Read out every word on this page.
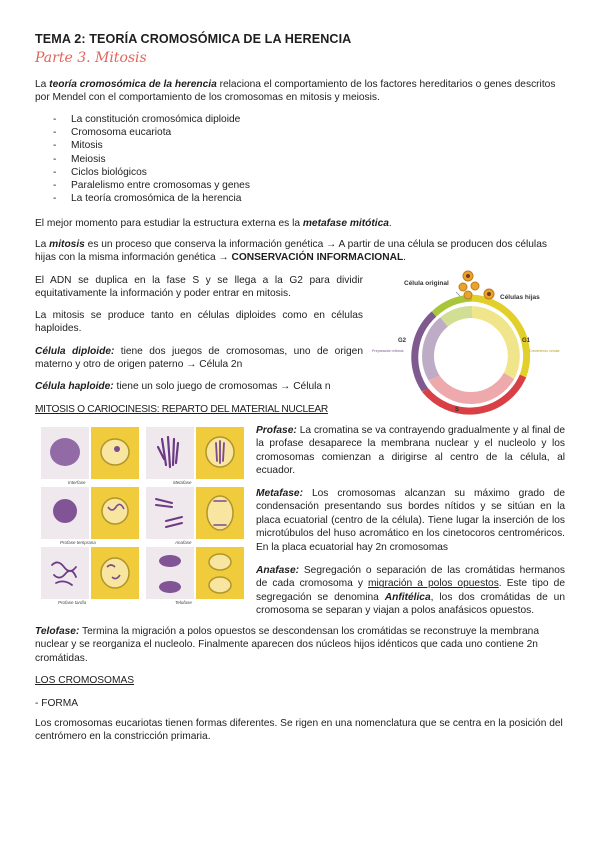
TEMA 2: TEORÍA CROMOSÓMICA DE LA HERENCIA
Parte 3. Mitosis

La teoría cromosómica de la herencia relaciona el comportamiento de los factores hereditarios o genes descritos por Mendel con el comportamiento de los cromosomas en mitosis y meiosis.

- La constitución cromosómica diploide
- Cromosoma eucariota
- Mitosis
- Meiosis
- Ciclos biológicos
- Paralelismo entre cromosomas y genes
- La teoría cromosómica de la herencia

El mejor momento para estudiar la estructura externa es la metafase mitótica.

La mitosis es un proceso que conserva la información genética → A partir de una célula se producen dos células hijas con la misma información genética → CONSERVACIÓN INFORMACIONAL.

El ADN se duplica en la fase S y se llega a la G2 para dividir equitativamente la información y poder entrar en mitosis.

La mitosis se produce tanto en células diploides como en células haploides.

Célula diploide: tiene dos juegos de cromosomas, uno de origen materno y otro de origen paterno → Célula 2n

Célula haploide: tiene un solo juego de cromosomas → Célula n

MITOSIS O CARIOCINESIS: REPARTO DEL MATERIAL NUCLEAR
Célula original
Células hijas
G2	G1
S
Preparación mitosis	Crecimiento celular
Síntesis de ADN
Interfase	Metafase
Profase temprana	Anafase
Profase tardía	Telofase

Profase: La cromatina se va contrayendo gradualmente y al final de la profase desaparece la membrana nuclear y el nucleolo y los cromosomas comienzan a dirigirse al centro de la célula, al ecuador.

Metafase: Los cromosomas alcanzan su máximo grado de condensación presentando sus bordes nítidos y se sitúan en la placa ecuatorial (centro de la célula). Tiene lugar la inserción de los microtúbulos del huso acromático en los cinetocoros centroméricos. En la placa ecuatorial hay 2n cromosomas

Anafase: Segregación o separación de las cromátidas hermanos de cada cromosoma y migración a polos opuestos. Este tipo de segregación se denomina Anfitélica, los dos cromátidas de un cromosoma se separan y viajan a polos anafásicos opuestos.

Telofase: Termina la migración a polos opuestos se descondensan los cromátidas se reconstruye la membrana nuclear y se reorganiza el nucleolo. Finalmente aparecen dos núcleos hijos idénticos que cada uno contiene 2n cromátidas.

LOS CROMOSOMAS
- FORMA

Los cromosomas eucariotas tienen formas diferentes. Se rigen en una nomenclatura que se centra en la posición del centrómero en la constricción primaria.
